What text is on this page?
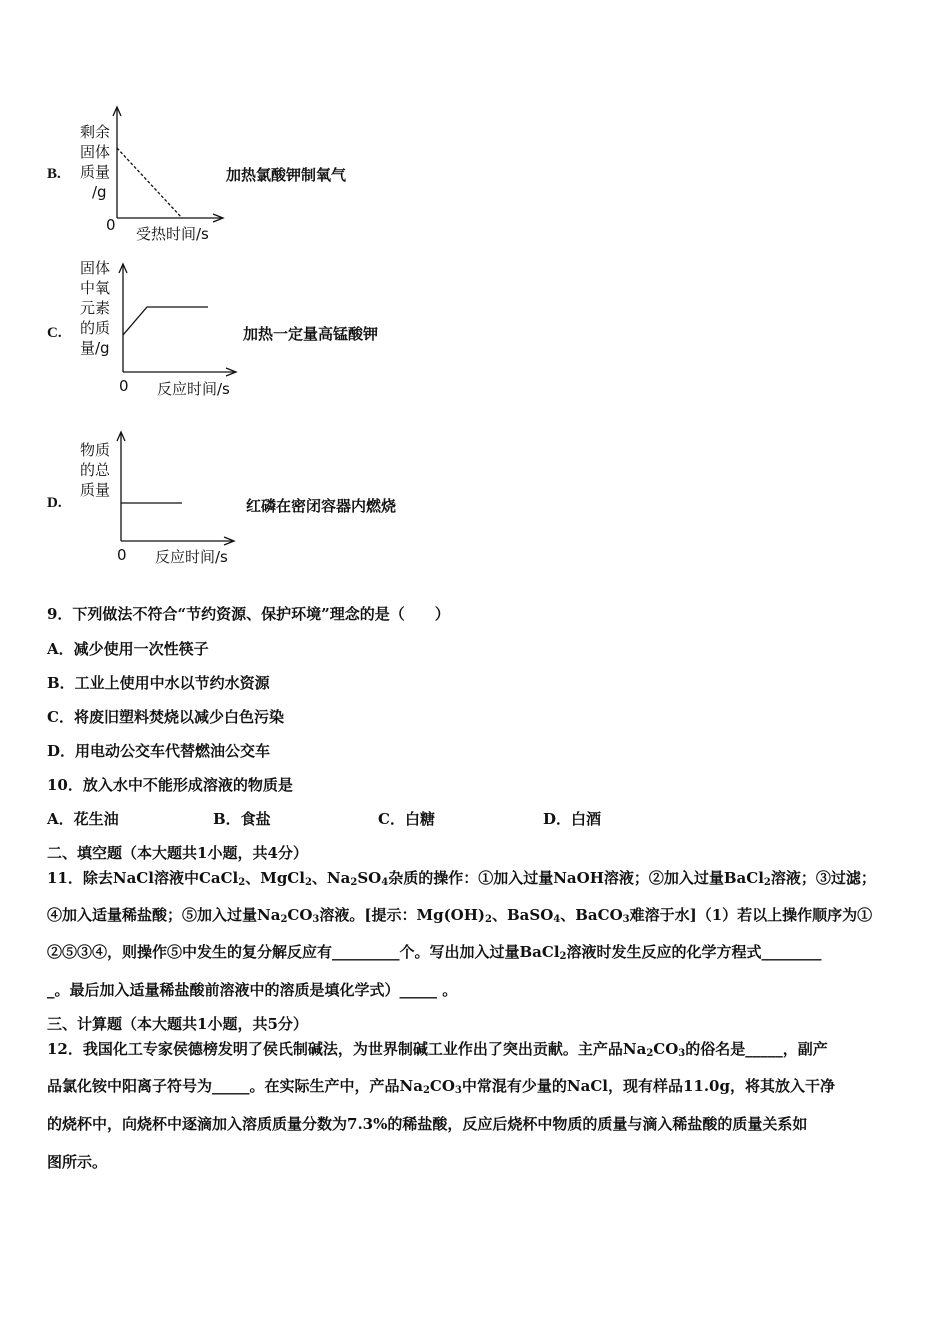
B.
剩余
固体
质量
/g
0 受热时间/s
加热氯酸钾制氧气
C.
固体
中氧
元素
的质
量/g
0 反应时间/s
加热一定量高锰酸钾
D.
物质
的总
质量
0 反应时间/s
红磷在密闭容器内燃烧
9．下列做法不符合“节约资源、保护环境”理念的是（　　）
A．减少使用一次性筷子
B．工业上使用中水以节约水资源
C．将废旧塑料焚烧以减少白色污染
D．用电动公交车代替燃油公交车
10．放入水中不能形成溶液的物质是
A．花生油	B．食盐	C．白糖	D．白酒
二、填空题（本大题共1小题，共4分）
11．除去NaCl溶液中CaCl$_2$、MgCl$_2$、$Na_2SO_4$杂质的操作：①加入过量NaOH溶液；②加入过量BaCl$_2$溶液；③过滤；
④加入适量稀盐酸；⑤加入过量$Na_2CO_3$溶液。[提示：$Mg(OH)_2$、BaSO$_4$、BaCO$_3$难溶于水]（1）若以上操作顺序为①
②⑤③④，则操作⑤中发生的复分解反应有_________个。写出加入过量BaCl$_2$溶液时发生反应的化学方程式________
_。最后加入适量稀盐酸前溶液中的溶质是填化学式）_____ 。
三、计算题（本大题共1小题，共5分）
12．我国化工专家侯德榜发明了侯氏制碱法，为世界制碱工业作出了突出贡献。主产品$Na_2CO_3$的俗名是_____，副产
品氯化铵中阳离子符号为_____。在实际生产中，产品$Na_2CO_3$中常混有少量的NaCl，现有样品11.0g，将其放入干净
的烧杯中，向烧杯中逐滴加入溶质质量分数为7.3%的稀盐酸，反应后烧杯中物质的质量与滴入稀盐酸的质量关系如
图所示。
